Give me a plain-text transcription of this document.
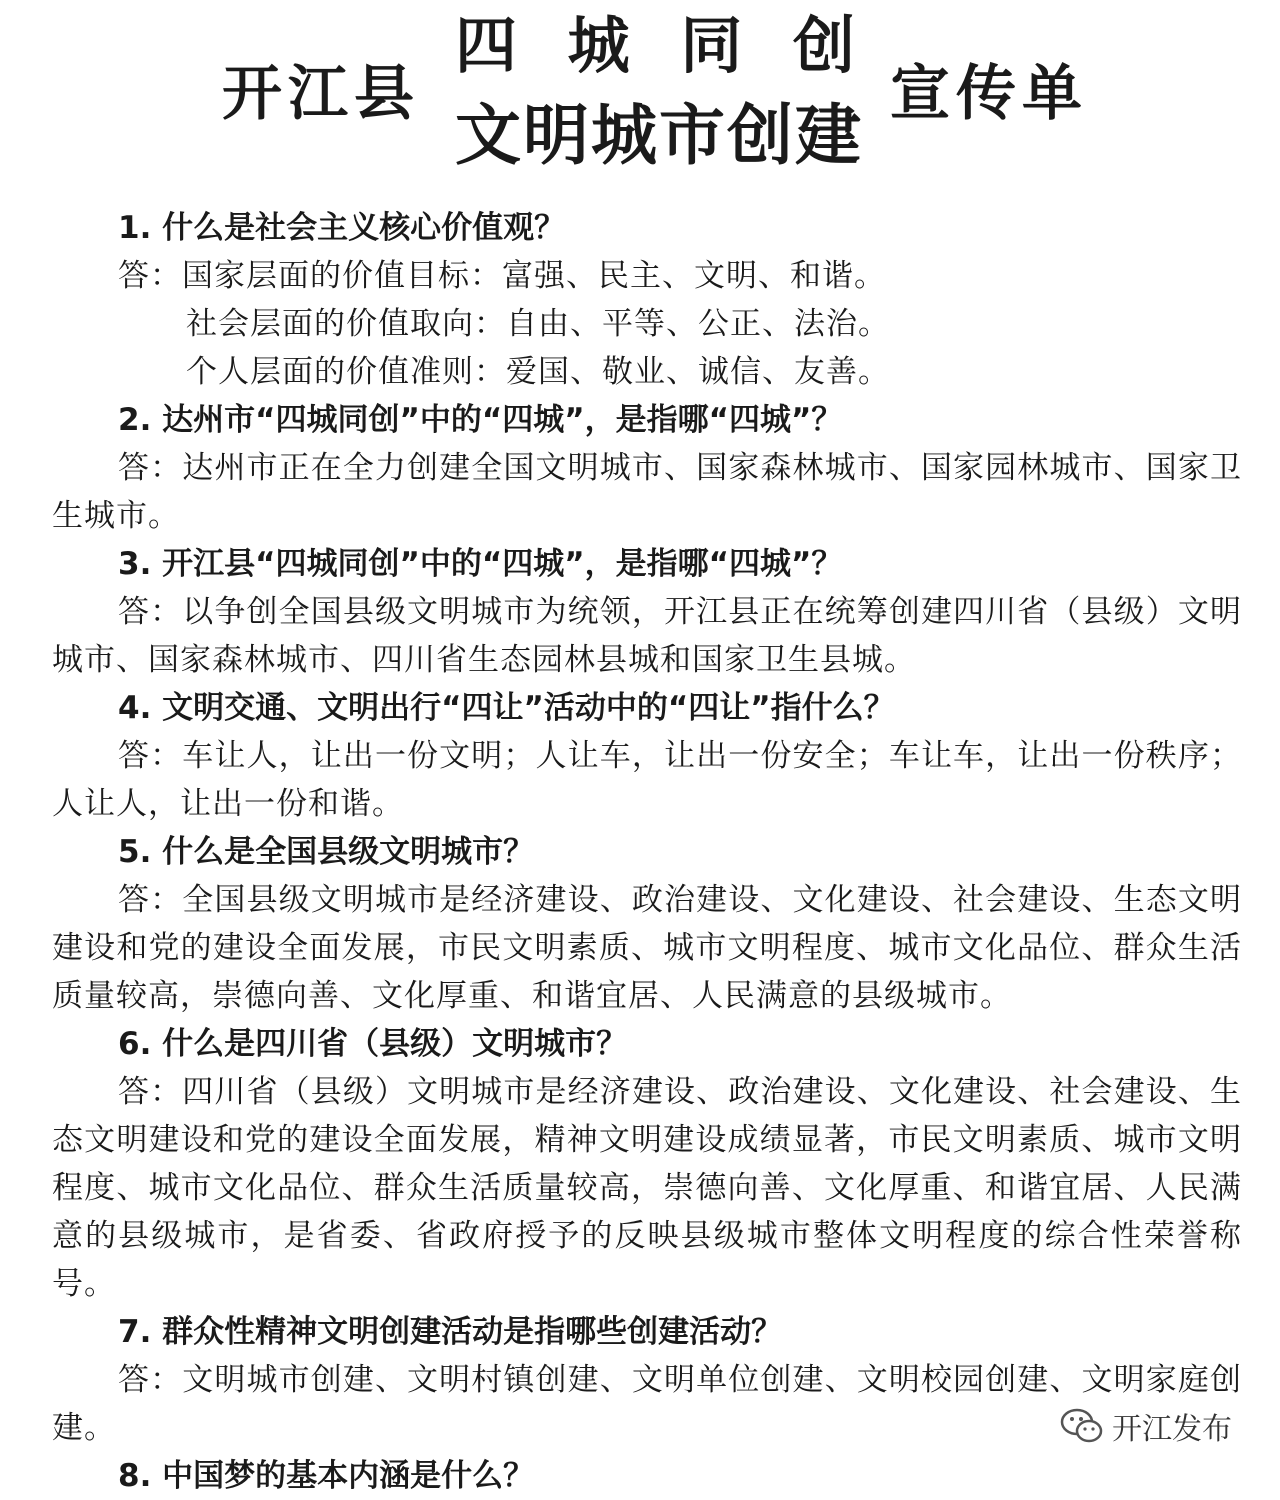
开江县
四 城 同 创
文明城市创建
宣传单
1. 什么是社会主义核心价值观？
答：国家层面的价值目标：富强、民主、文明、和谐。
社会层面的价值取向：自由、平等、公正、法治。
个人层面的价值准则：爱国、敬业、诚信、友善。
2. 达州市“四城同创”中的“四城”，是指哪“四城”？
答：达州市正在全力创建全国文明城市、国家森林城市、国家园林城市、国家卫生城市。
3. 开江县“四城同创”中的“四城”，是指哪“四城”？
答：以争创全国县级文明城市为统领，开江县正在统筹创建四川省（县级）文明城市、国家森林城市、四川省生态园林县城和国家卫生县城。
4. 文明交通、文明出行“四让”活动中的“四让”指什么？
答：车让人，让出一份文明；人让车，让出一份安全；车让车，让出一份秩序；人让人，让出一份和谐。
5. 什么是全国县级文明城市？
答：全国县级文明城市是经济建设、政治建设、文化建设、社会建设、生态文明建设和党的建设全面发展，市民文明素质、城市文明程度、城市文化品位、群众生活质量较高，崇德向善、文化厚重、和谐宜居、人民满意的县级城市。
6. 什么是四川省（县级）文明城市？
答：四川省（县级）文明城市是经济建设、政治建设、文化建设、社会建设、生态文明建设和党的建设全面发展，精神文明建设成绩显著，市民文明素质、城市文明程度、城市文化品位、群众生活质量较高，崇德向善、文化厚重、和谐宜居、人民满意的县级城市，是省委、省政府授予的反映县级城市整体文明程度的综合性荣誉称号。
7. 群众性精神文明创建活动是指哪些创建活动？
答：文明城市创建、文明村镇创建、文明单位创建、文明校园创建、文明家庭创建。
8. 中国梦的基本内涵是什么？
开江发布
